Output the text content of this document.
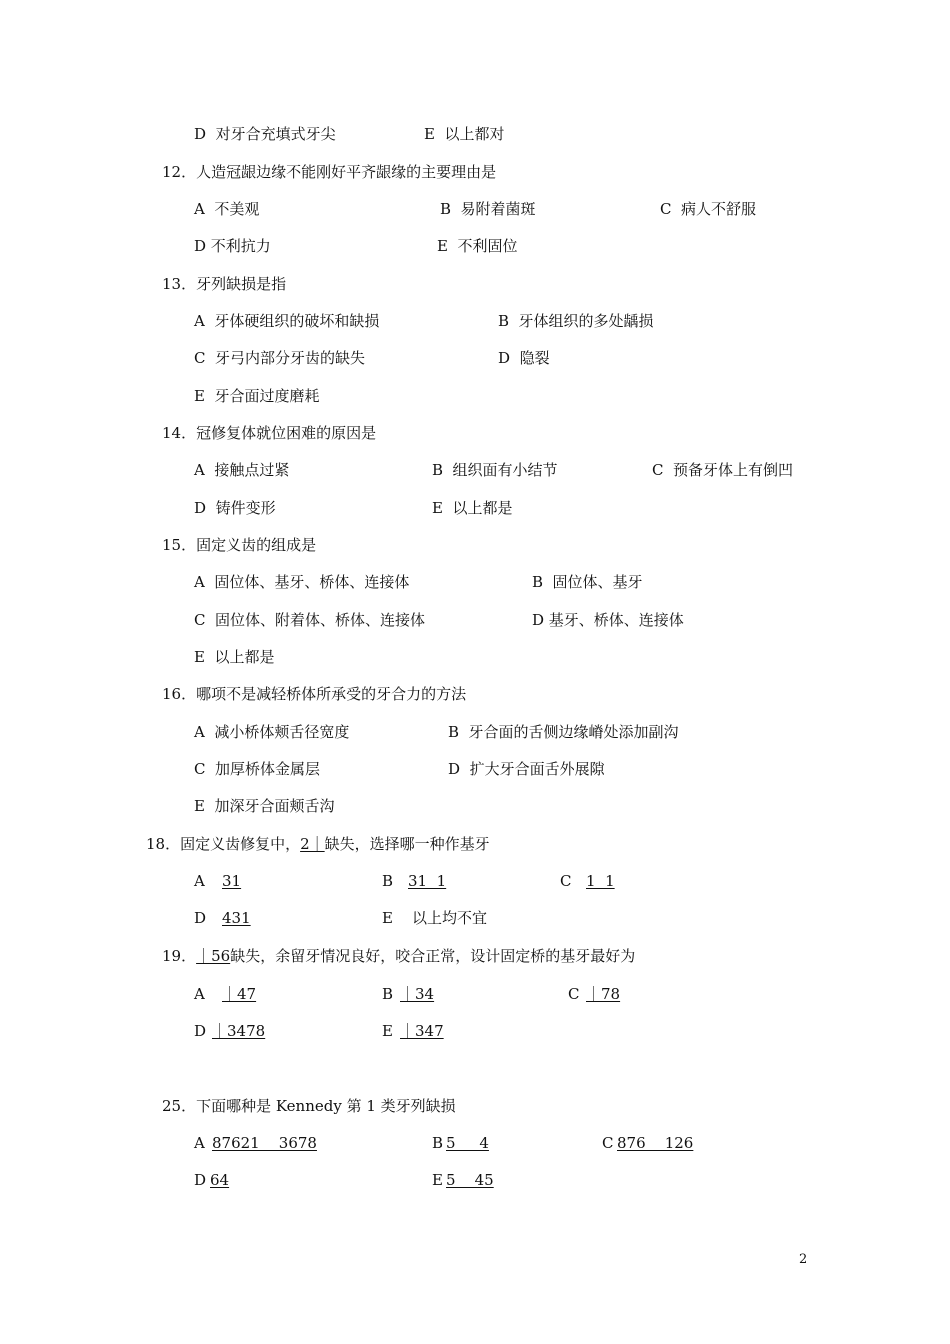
D  对牙合充填式牙尖	E  以上都对
12．人造冠龈边缘不能刚好平齐龈缘的主要理由是
A  不美观	B  易附着菌斑	C  病人不舒服
D 不利抗力	E  不利固位
13．牙列缺损是指
A  牙体硬组织的破坏和缺损	B  牙体组织的多处龋损
C  牙弓内部分牙齿的缺失	D  隐裂
E  牙合面过度磨耗
14．冠修复体就位困难的原因是
A  接触点过紧	B  组织面有小结节	C  预备牙体上有倒凹
D  铸件变形	E  以上都是
15．固定义齿的组成是
A  固位体、基牙、桥体、连接体	B  固位体、基牙
C  固位体、附着体、桥体、连接体	D 基牙、桥体、连接体
E  以上都是
16．哪项不是减轻桥体所承受的牙合力的方法
A  减小桥体颊舌径宽度	B  牙合面的舌侧边缘嵴处添加副沟
C  加厚桥体金属层	D  扩大牙合面舌外展隙
E  加深牙合面颊舌沟
18．固定义齿修复中，2｜缺失，选择哪一种作基牙
A 31	B 31  1	C 1  1
D 431	E    以上均不宜
19．｜56缺失，余留牙情况良好，咬合正常，设计固定桥的基牙最好为
A ｜47	B ｜34	C ｜78
D ｜3478	E ｜347
25．下面哪种是 Kennedy 第 1 类牙列缺损
A 87621    3678	B 5     4	C 876    126
D 64	E 5    45
2
